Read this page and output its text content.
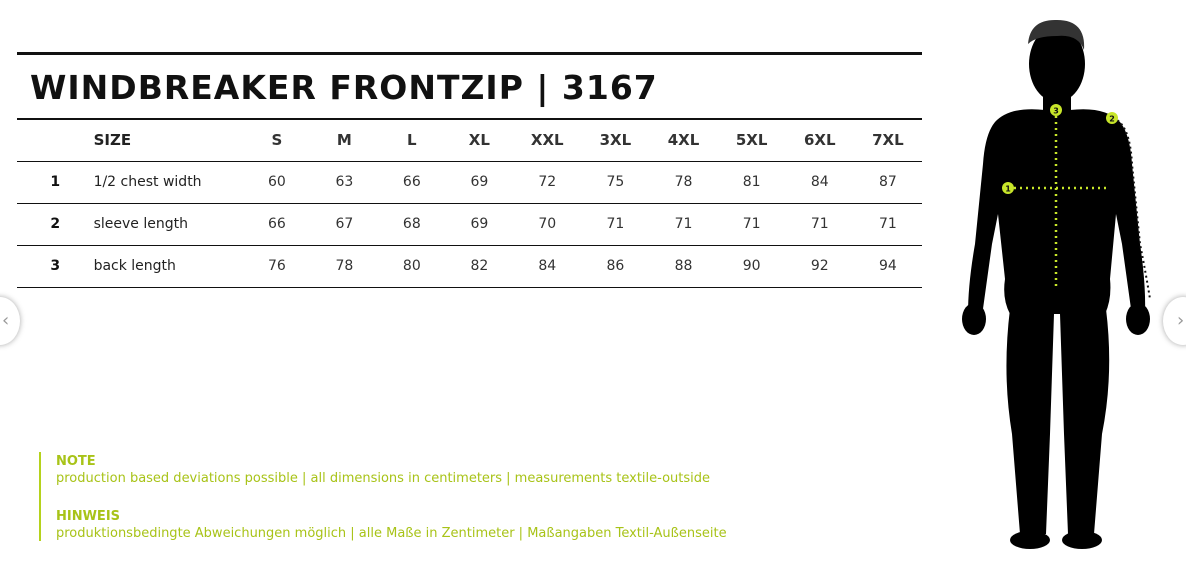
WINDBREAKER FRONTZIP | 3167
	SIZE	S	M	L	XL	XXL	3XL	4XL	5XL	6XL	7XL
1	1/2 chest width	60	63	66	69	72	75	78	81	84	87
2	sleeve length	66	67	68	69	70	71	71	71	71	71
3	back length	76	78	80	82	84	86	88	90	92	94
‹	›
NOTE
production based deviations possible | all dimensions in centimeters | measurements textile-outside
HINWEIS
produktionsbedingte Abweichungen möglich | alle Maße in Zentimeter | Maßangaben Textil-Außenseite
1
2
3
